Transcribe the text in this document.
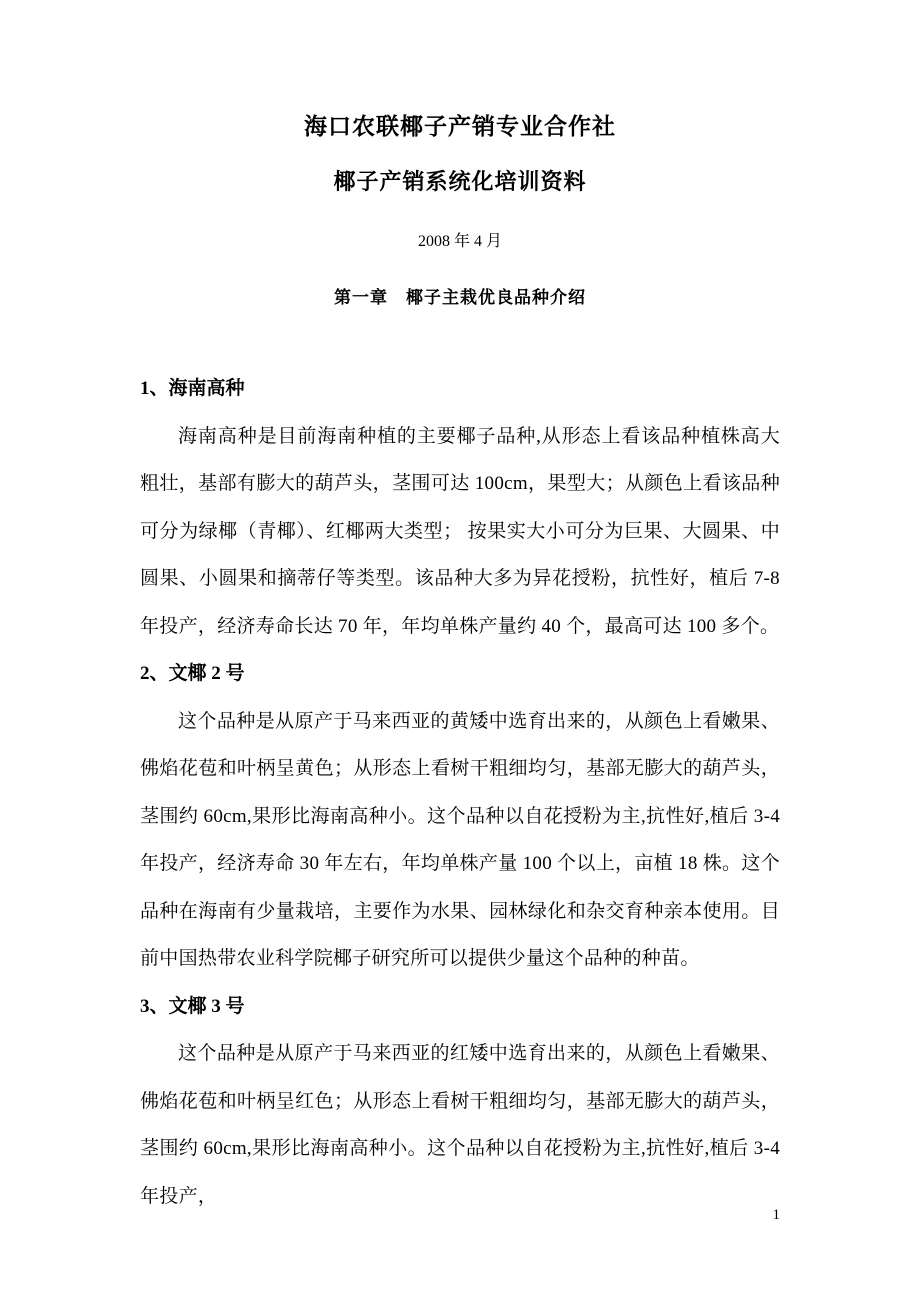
海口农联椰子产销专业合作社
椰子产销系统化培训资料
2008 年 4 月
第一章　椰子主栽优良品种介绍
1、海南高种
海南高种是目前海南种植的主要椰子品种,从形态上看该品种植株高大粗壮，基部有膨大的葫芦头，茎围可达 100cm，果型大；从颜色上看该品种可分为绿椰（青椰）、红椰两大类型； 按果实大小可分为巨果、大圆果、中圆果、小圆果和摘蒂仔等类型。该品种大多为异花授粉，抗性好，植后 7-8 年投产，经济寿命长达 70 年，年均单株产量约 40 个，最高可达 100 多个。
2、文椰 2 号
这个品种是从原产于马来西亚的黄矮中选育出来的，从颜色上看嫩果、佛焰花苞和叶柄呈黄色；从形态上看树干粗细均匀，基部无膨大的葫芦头，茎围约 60cm,果形比海南高种小。这个品种以自花授粉为主,抗性好,植后 3-4 年投产，经济寿命 30 年左右，年均单株产量 100 个以上，亩植 18 株。这个品种在海南有少量栽培，主要作为水果、园林绿化和杂交育种亲本使用。目前中国热带农业科学院椰子研究所可以提供少量这个品种的种苗。
3、文椰 3 号
这个品种是从原产于马来西亚的红矮中选育出来的，从颜色上看嫩果、佛焰花苞和叶柄呈红色；从形态上看树干粗细均匀，基部无膨大的葫芦头，茎围约 60cm,果形比海南高种小。这个品种以自花授粉为主,抗性好,植后 3-4 年投产，
1
